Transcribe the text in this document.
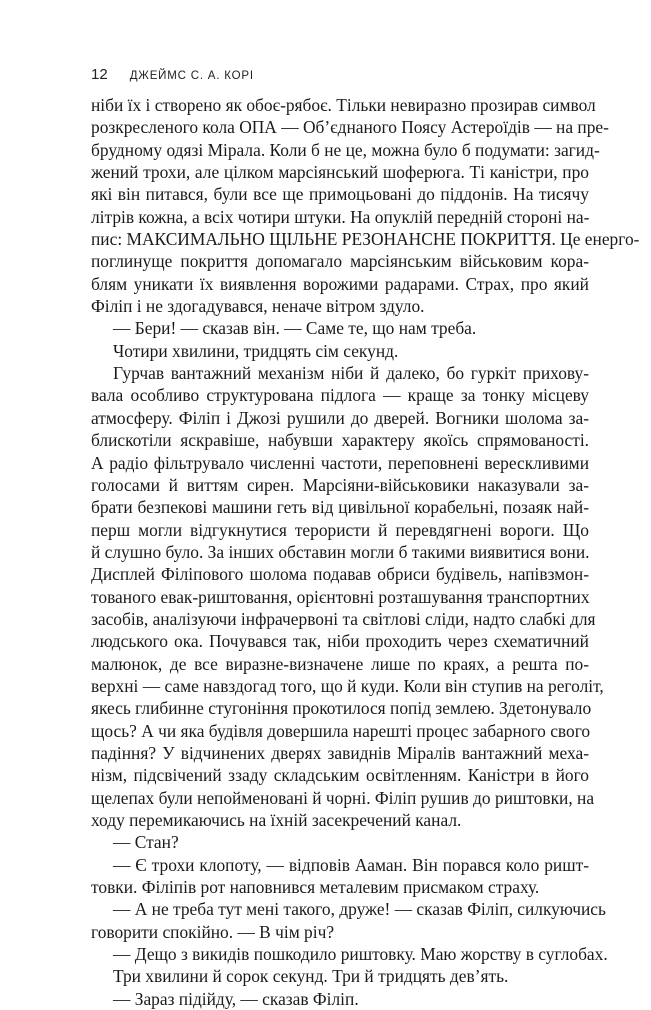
12 ДЖЕЙМС С. А. КОРІ
ніби їх і створено як обоє-рябоє. Тільки невиразно прозирав символ
розкресленого кола ОПА — Об’єднаного Поясу Астероїдів — на пре-
брудному одязі Мірала. Коли б не це, можна було б подумати: загид-
жений трохи, але цілком марсіянський шоферюга. Ті каністри, про
які він питався, були все ще примоцьовані до піддонів. На тисячу
літрів кожна, а всіх чотири штуки. На опуклій передній стороні на-
пис: МАКСИМАЛЬНО ЩІЛЬНЕ РЕЗОНАНСНЕ ПОКРИТТЯ. Це енерго-
поглинуще покриття допомагало марсіянським військовим кора-
блям уникати їх виявлення ворожими радарами. Страх, про який
Філіп і не здогадувався, неначе вітром здуло.
— Бери! — сказав він. — Саме те, що нам треба.
Чотири хвилини, тридцять сім секунд.
Гурчав вантажний механізм ніби й далеко, бо гуркіт прихову-
вала особливо структурована підлога — краще за тонку місцеву
атмосферу. Філіп і Джозі рушили до дверей. Вогники шолома за-
блискотіли яскравіше, набувши характеру якоїсь спрямованості.
А радіо фільтрувало численні частоти, переповнені верескливими
голосами й виттям сирен. Марсіяни-військовики наказували за-
брати безпекові машини геть від цивільної корабельні, позаяк най-
перш могли відгукнутися терористи й перевдягнені вороги. Що
й слушно було. За інших обставин могли б такими виявитися вони.
Дисплей Філіпового шолома подавав обриси будівель, напівзмон-
тованого евак-риштовання, орієнтовні розташування транспортних
засобів, аналізуючи інфрачервоні та світлові сліди, надто слабкі для
людського ока. Почувався так, ніби проходить через схематичний
малюнок, де все виразне-визначене лише по краях, а решта по-
верхні — саме навздогад того, що й куди. Коли він ступив на реголіт,
якесь глибинне стугоніння прокотилося попід землею. Здетонувало
щось? А чи яка будівля довершила нарешті процес забарного свого
падіння? У відчинених дверях завиднів Міралів вантажний меха-
нізм, підсвічений ззаду складським освітленням. Каністри в його
щелепах були непойменовані й чорні. Філіп рушив до риштовки, на
ходу перемикаючись на їхній засекречений канал.
— Стан?
— Є трохи клопоту, — відповів Ааман. Він порався коло ришт-
товки. Філіпів рот наповнився металевим присмаком страху.
— А не треба тут мені такого, друже! — сказав Філіп, силкуючись
говорити спокійно. — В чім річ?
— Дещо з викидів пошкодило риштовку. Маю жорству в суглобах.
Три хвилини й сорок секунд. Три й тридцять дев’ять.
— Зараз підійду, — сказав Філіп.
